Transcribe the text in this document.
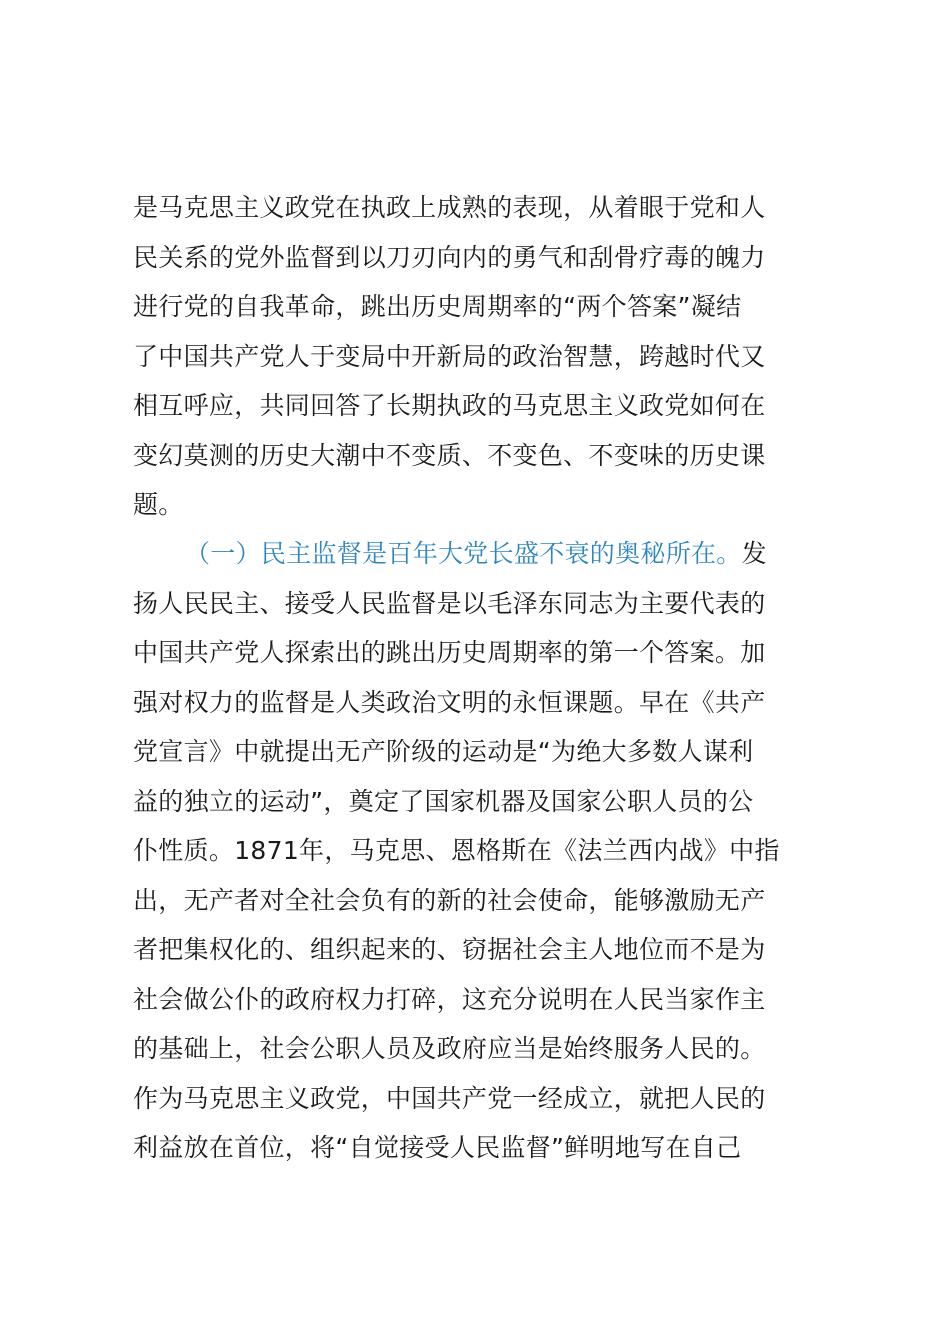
是马克思主义政党在执政上成熟的表现，从着眼于党和人
民关系的党外监督到以刀刃向内的勇气和刮骨疗毒的魄力
进行党的自我革命，跳出历史周期率的“两个答案”凝结
了中国共产党人于变局中开新局的政治智慧，跨越时代又
相互呼应，共同回答了长期执政的马克思主义政党如何在
变幻莫测的历史大潮中不变质、不变色、不变味的历史课
题。
（一）民主监督是百年大党长盛不衰的奥秘所在。发
扬人民民主、接受人民监督是以毛泽东同志为主要代表的
中国共产党人探索出的跳出历史周期率的第一个答案。加
强对权力的监督是人类政治文明的永恒课题。早在《共产
党宣言》中就提出无产阶级的运动是“为绝大多数人谋利
益的独立的运动”，奠定了国家机器及国家公职人员的公
仆性质。1871年，马克思、恩格斯在《法兰西内战》中指
出，无产者对全社会负有的新的社会使命，能够激励无产
者把集权化的、组织起来的、窃据社会主人地位而不是为
社会做公仆的政府权力打碎，这充分说明在人民当家作主
的基础上，社会公职人员及政府应当是始终服务人民的。
作为马克思主义政党，中国共产党一经成立，就把人民的
利益放在首位，将“自觉接受人民监督”鲜明地写在自己
